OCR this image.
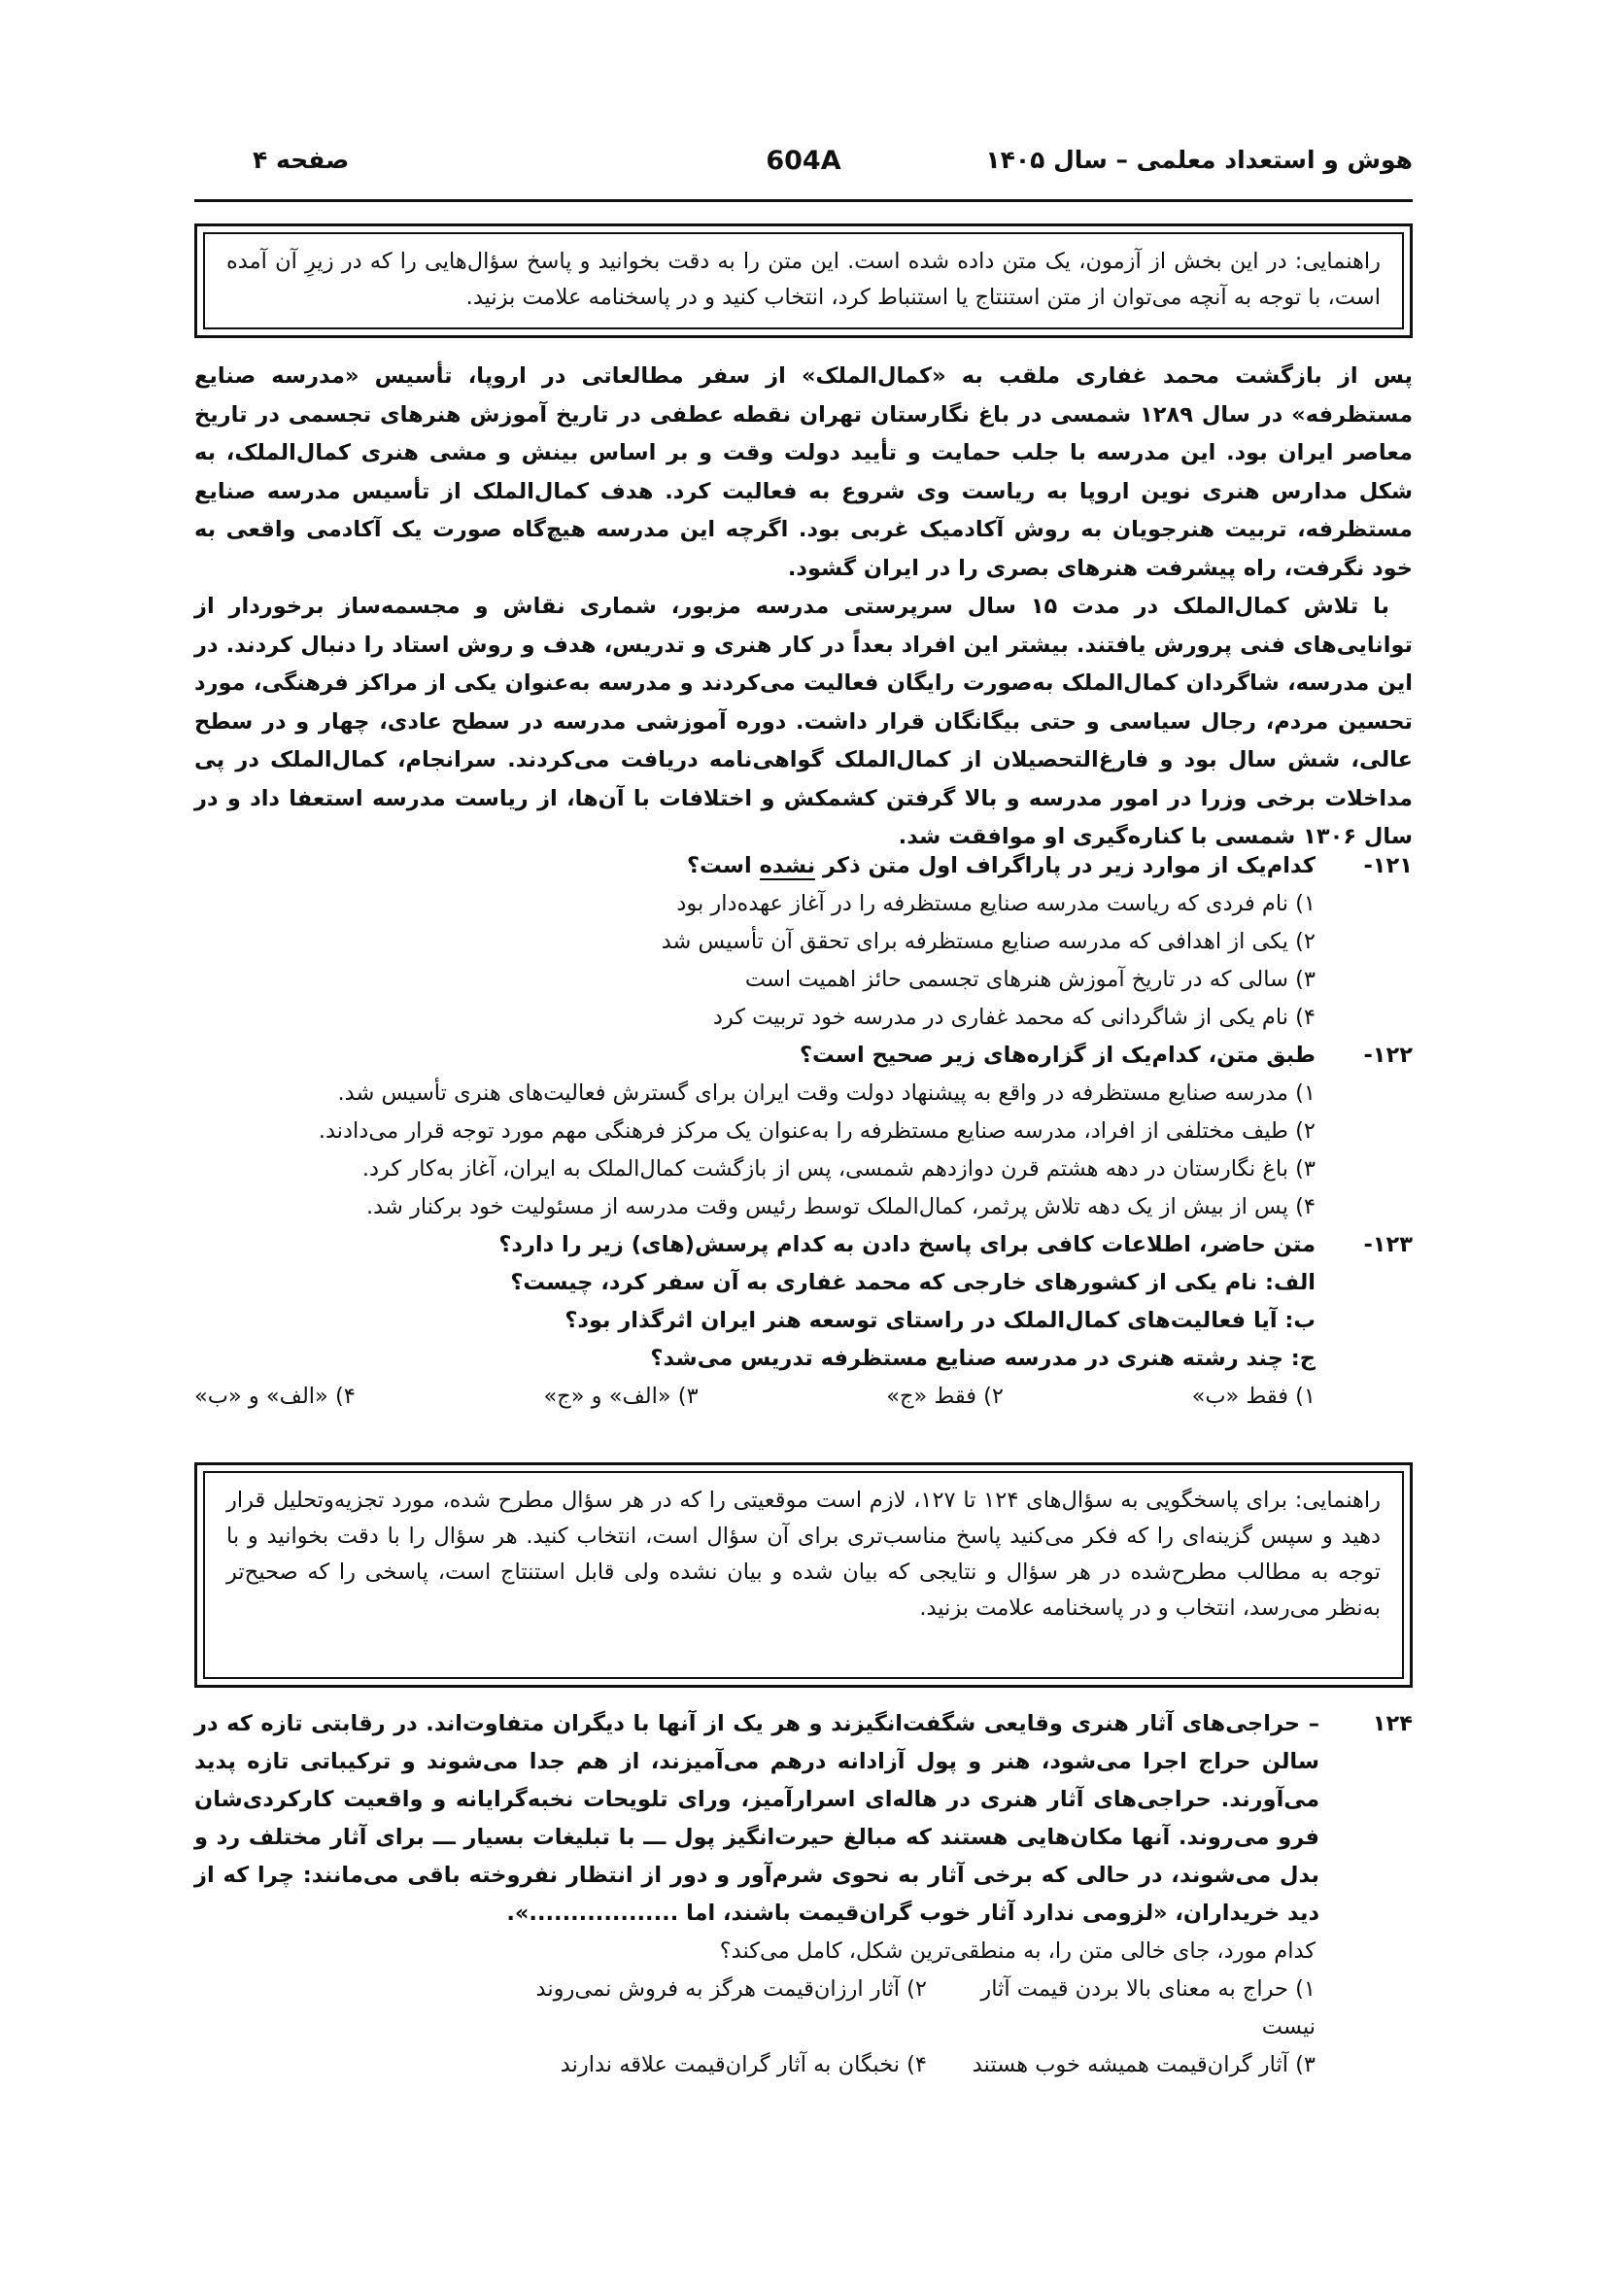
هوش و استعداد معلمی – سال ۱۴۰۵
604A
صفحه ۴

راهنمایی: در این بخش از آزمون، یک متن داده شده است. این متن را به دقت بخوانید و پاسخ سؤال‌هایی را که در زیرِ آن آمده است، با توجه به آنچه می‌توان از متن استنتاج یا استنباط کرد، انتخاب کنید و در پاسخنامه علامت بزنید.

پس از بازگشت محمد غفاری ملقب به «کمال‌الملک» از سفر مطالعاتی در اروپا، تأسیس «مدرسه صنایع مستظرفه» در سال ۱۲۸۹ شمسی در باغ نگارستان تهران نقطه عطفی در تاریخ آموزش هنرهای تجسمی در تاریخ معاصر ایران بود. این مدرسه با جلب حمایت و تأیید دولت وقت و بر اساس بینش و مشی هنری کمال‌الملک، به شکل مدارس هنری نوین اروپا به ریاست وی شروع به فعالیت کرد. هدف کمال‌الملک از تأسیس مدرسه صنایع مستظرفه، تربیت هنرجویان به روش آکادمیک غربی بود. اگرچه این مدرسه هیچ‌گاه صورت یک آکادمی واقعی به خود نگرفت، راه پیشرفت هنرهای بصری را در ایران گشود.

با تلاش کمال‌الملک در مدت ۱۵ سال سرپرستی مدرسه مزبور، شماری نقاش و مجسمه‌ساز برخوردار از توانایی‌های فنی پرورش یافتند. بیشتر این افراد بعداً در کار هنری و تدریس، هدف و روش استاد را دنبال کردند. در این مدرسه، شاگردان کمال‌الملک به‌صورت رایگان فعالیت می‌کردند و مدرسه به‌عنوان یکی از مراکز فرهنگی، مورد تحسین مردم، رجال سیاسی و حتی بیگانگان قرار داشت. دوره آموزشی مدرسه در سطح عادی، چهار و در سطح عالی، شش سال بود و فارغ‌التحصیلان از کمال‌الملک گواهی‌نامه دریافت می‌کردند. سرانجام، کمال‌الملک در پی مداخلات برخی وزرا در امور مدرسه و بالا گرفتن کشمکش و اختلافات با آن‌ها، از ریاست مدرسه استعفا داد و در سال ۱۳۰۶ شمسی با کناره‌گیری او موافقت شد.

۱۲۱-
کدام‌یک از موارد زیر در پاراگراف اول متن ذکر نشده است؟
۱) نام فردی که ریاست مدرسه صنایع مستظرفه را در آغاز عهده‌دار بود
۲) یکی از اهدافی که مدرسه صنایع مستظرفه برای تحقق آن تأسیس شد
۳) سالی که در تاریخ آموزش هنرهای تجسمی حائز اهمیت است
۴) نام یکی از شاگردانی که محمد غفاری در مدرسه خود تربیت کرد
۱۲۲-
طبق متن، کدام‌یک از گزاره‌های زیر صحیح است؟
۱) مدرسه صنایع مستظرفه در واقع به پیشنهاد دولت وقت ایران برای گسترش فعالیت‌های هنری تأسیس شد.
۲) طیف مختلفی از افراد، مدرسه صنایع مستظرفه را به‌عنوان یک مرکز فرهنگی مهم مورد توجه قرار می‌دادند.
۳) باغ نگارستان در دهه هشتم قرن دوازدهم شمسی، پس از بازگشت کمال‌الملک به ایران، آغاز به‌کار کرد.
۴) پس از بیش از یک دهه تلاش پرثمر، کمال‌الملک توسط رئیس وقت مدرسه از مسئولیت خود برکنار شد.
۱۲۳-
متن حاضر، اطلاعات کافی برای پاسخ دادن به کدام پرسش(های) زیر را دارد؟
الف: نام یکی از کشورهای خارجی که محمد غفاری به آن سفر کرد، چیست؟
ب: آیا فعالیت‌های کمال‌الملک در راستای توسعه هنر ایران اثرگذار بود؟
ج: چند رشته هنری در مدرسه صنایع مستظرفه تدریس می‌شد؟
۱) فقط «ب»
۲) فقط «ج»
۳) «الف» و «ج»
۴) «الف» و «ب»

راهنمایی: برای پاسخگویی به سؤال‌های ۱۲۴ تا ۱۲۷، لازم است موقعیتی را که در هر سؤال مطرح شده، مورد تجزیه‌وتحلیل قرار دهید و سپس گزینه‌ای را که فکر می‌کنید پاسخ مناسب‌تری برای آن سؤال است، انتخاب کنید. هر سؤال را با دقت بخوانید و با توجه به مطالب مطرح‌شده در هر سؤال و نتایجی که بیان شده و بیان نشده ولی قابل استنتاج است، پاسخی را که صحیح‌تر به‌نظر می‌رسد، انتخاب و در پاسخنامه علامت بزنید.

۱۲۴
– حراجی‌های آثار هنری وقایعی شگفت‌انگیزند و هر یک از آنها با دیگران متفاوت‌اند. در رقابتی تازه که در سالن حراج اجرا می‌شود، هنر و پول آزادانه درهم می‌آمیزند، از هم جدا می‌شوند و ترکیباتی تازه پدید می‌آورند. حراجی‌های آثار هنری در هاله‌ای اسرارآمیز، ورای تلویحات نخبه‌گرایانه و واقعیت کارکردی‌شان فرو می‌روند. آنها مکان‌هایی هستند که مبالغ حیرت‌انگیز پول ـــ با تبلیغات بسیار ـــ برای آثار مختلف رد و بدل می‌شوند، در حالی که برخی آثار به نحوی شرم‌آور و دور از انتظار نفروخته باقی می‌مانند: چرا که از دید خریداران، «لزومی ندارد آثار خوب گران‌قیمت باشند، اما ..................».
کدام مورد، جای خالی متن را، به منطقی‌ترین شکل، کامل می‌کند؟
۱) حراج به معنای بالا بردن قیمت آثار نیست
۲) آثار ارزان‌قیمت هرگز به فروش نمی‌روند
۳) آثار گران‌قیمت همیشه خوب هستند
۴) نخبگان به آثار گران‌قیمت علاقه ندارند
